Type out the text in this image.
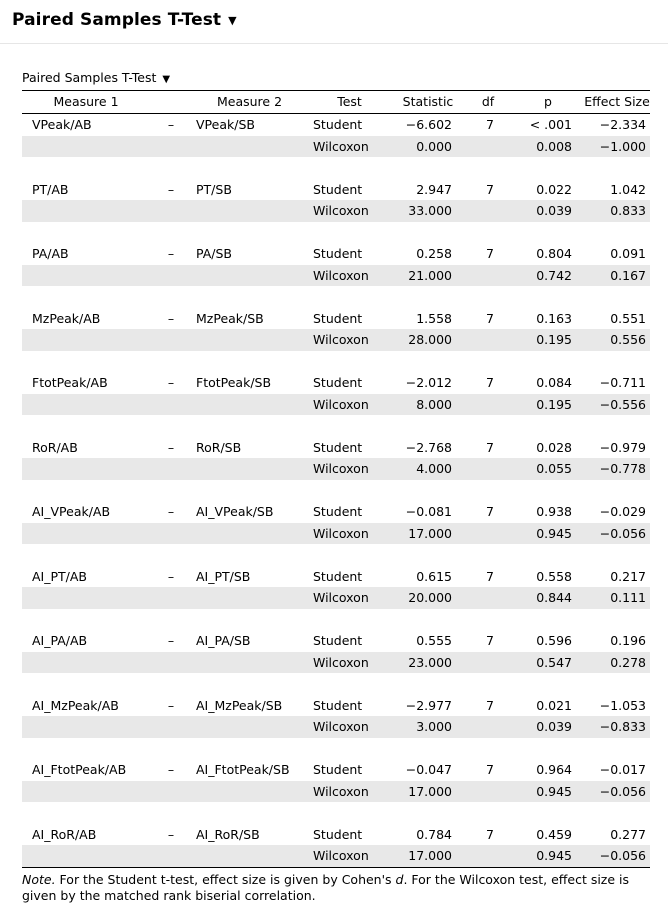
Paired Samples T-Test ▼
Paired Samples T-Test ▼
Measure 1		Measure 2	Test	Statistic	df	p	Effect Size
VPeak/AB	–	VPeak/SB	Student	−6.602	7	< .001	−2.334
			Wilcoxon	0.000		0.008	−1.000

PT/AB	–	PT/SB	Student	2.947	7	0.022	1.042
			Wilcoxon	33.000		0.039	0.833

PA/AB	–	PA/SB	Student	0.258	7	0.804	0.091
			Wilcoxon	21.000		0.742	0.167

MzPeak/AB	–	MzPeak/SB	Student	1.558	7	0.163	0.551
			Wilcoxon	28.000		0.195	0.556

FtotPeak/AB	–	FtotPeak/SB	Student	−2.012	7	0.084	−0.711
			Wilcoxon	8.000		0.195	−0.556

RoR/AB	–	RoR/SB	Student	−2.768	7	0.028	−0.979
			Wilcoxon	4.000		0.055	−0.778

AI_VPeak/AB	–	AI_VPeak/SB	Student	−0.081	7	0.938	−0.029
			Wilcoxon	17.000		0.945	−0.056

AI_PT/AB	–	AI_PT/SB	Student	0.615	7	0.558	0.217
			Wilcoxon	20.000		0.844	0.111

AI_PA/AB	–	AI_PA/SB	Student	0.555	7	0.596	0.196
			Wilcoxon	23.000		0.547	0.278

AI_MzPeak/AB	–	AI_MzPeak/SB	Student	−2.977	7	0.021	−1.053
			Wilcoxon	3.000		0.039	−0.833

AI_FtotPeak/AB	–	AI_FtotPeak/SB	Student	−0.047	7	0.964	−0.017
			Wilcoxon	17.000		0.945	−0.056

AI_RoR/AB	–	AI_RoR/SB	Student	0.784	7	0.459	0.277
			Wilcoxon	17.000		0.945	−0.056
Note. For the Student t-test, effect size is given by Cohen's d. For the Wilcoxon test, effect size is given by the matched rank biserial correlation.
